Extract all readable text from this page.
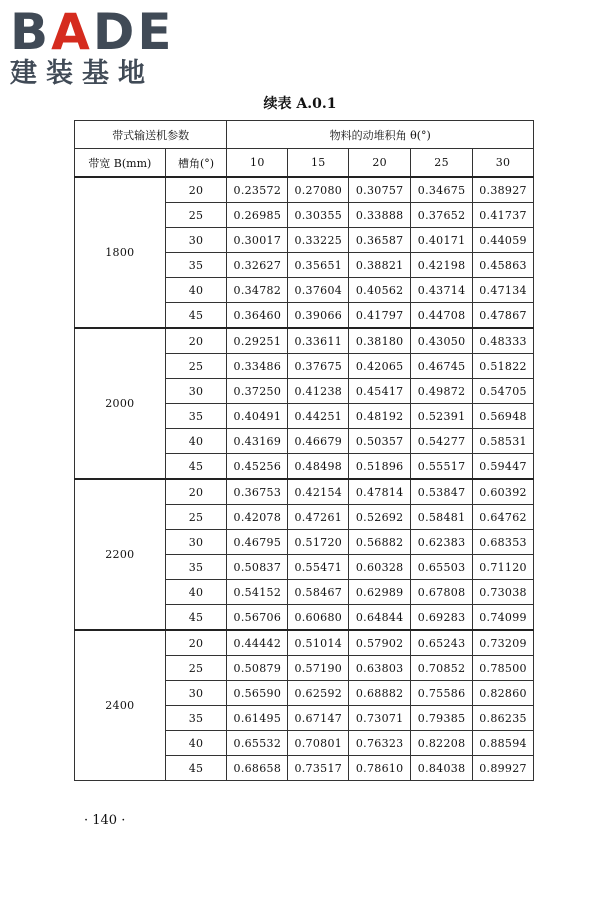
BADE
建装基地
续表 A.0.1
带式输送机参数		物料的动堆积角 θ(°)				
带宽 B(mm)	槽角(°)	10	15	20	25	30
1800	20	0.23572	0.27080	0.30757	0.34675	0.38927
	25	0.26985	0.30355	0.33888	0.37652	0.41737
	30	0.30017	0.33225	0.36587	0.40171	0.44059
	35	0.32627	0.35651	0.38821	0.42198	0.45863
	40	0.34782	0.37604	0.40562	0.43714	0.47134
	45	0.36460	0.39066	0.41797	0.44708	0.47867
2000	20	0.29251	0.33611	0.38180	0.43050	0.48333
	25	0.33486	0.37675	0.42065	0.46745	0.51822
	30	0.37250	0.41238	0.45417	0.49872	0.54705
	35	0.40491	0.44251	0.48192	0.52391	0.56948
	40	0.43169	0.46679	0.50357	0.54277	0.58531
	45	0.45256	0.48498	0.51896	0.55517	0.59447
2200	20	0.36753	0.42154	0.47814	0.53847	0.60392
	25	0.42078	0.47261	0.52692	0.58481	0.64762
	30	0.46795	0.51720	0.56882	0.62383	0.68353
	35	0.50837	0.55471	0.60328	0.65503	0.71120
	40	0.54152	0.58467	0.62989	0.67808	0.73038
	45	0.56706	0.60680	0.64844	0.69283	0.74099
2400	20	0.44442	0.51014	0.57902	0.65243	0.73209
	25	0.50879	0.57190	0.63803	0.70852	0.78500
	30	0.56590	0.62592	0.68882	0.75586	0.82860
	35	0.61495	0.67147	0.73071	0.79385	0.86235
	40	0.65532	0.70801	0.76323	0.82208	0.88594
	45	0.68658	0.73517	0.78610	0.84038	0.89927
· 140 ·
